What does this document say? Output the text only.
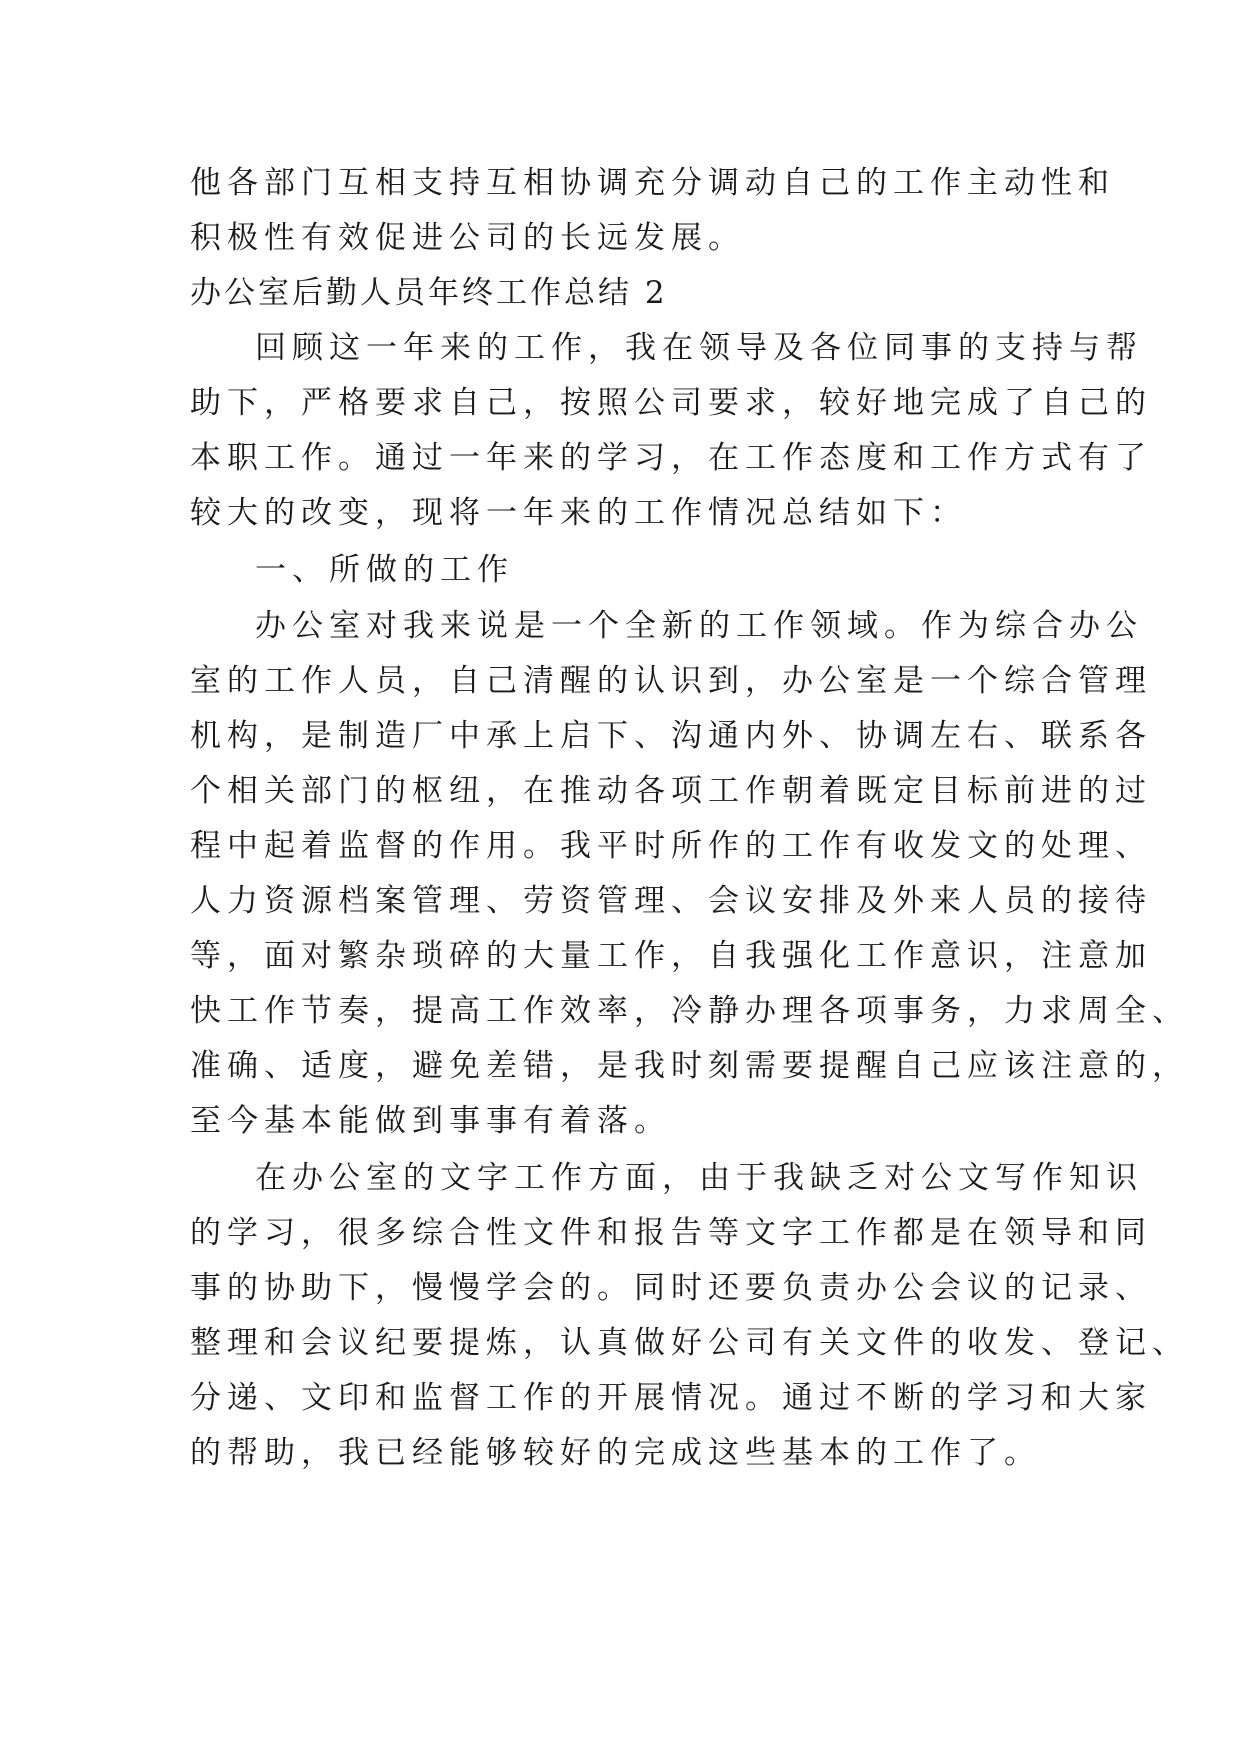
他各部门互相支持互相协调充分调动自己的工作主动性和
积极性有效促进公司的长远发展。
办公室后勤人员年终工作总结 2
回顾这一年来的工作，我在领导及各位同事的支持与帮
助下，严格要求自己，按照公司要求，较好地完成了自己的
本职工作。通过一年来的学习，在工作态度和工作方式有了
较大的改变，现将一年来的工作情况总结如下：
一、所做的工作
办公室对我来说是一个全新的工作领域。作为综合办公
室的工作人员，自己清醒的认识到，办公室是一个综合管理
机构，是制造厂中承上启下、沟通内外、协调左右、联系各
个相关部门的枢纽，在推动各项工作朝着既定目标前进的过
程中起着监督的作用。我平时所作的工作有收发文的处理、
人力资源档案管理、劳资管理、会议安排及外来人员的接待
等，面对繁杂琐碎的大量工作，自我强化工作意识，注意加
快工作节奏，提高工作效率，冷静办理各项事务，力求周全、
准确、适度，避免差错，是我时刻需要提醒自己应该注意的，
至今基本能做到事事有着落。
在办公室的文字工作方面，由于我缺乏对公文写作知识
的学习，很多综合性文件和报告等文字工作都是在领导和同
事的协助下，慢慢学会的。同时还要负责办公会议的记录、
整理和会议纪要提炼，认真做好公司有关文件的收发、登记、
分递、文印和监督工作的开展情况。通过不断的学习和大家
的帮助，我已经能够较好的完成这些基本的工作了。
